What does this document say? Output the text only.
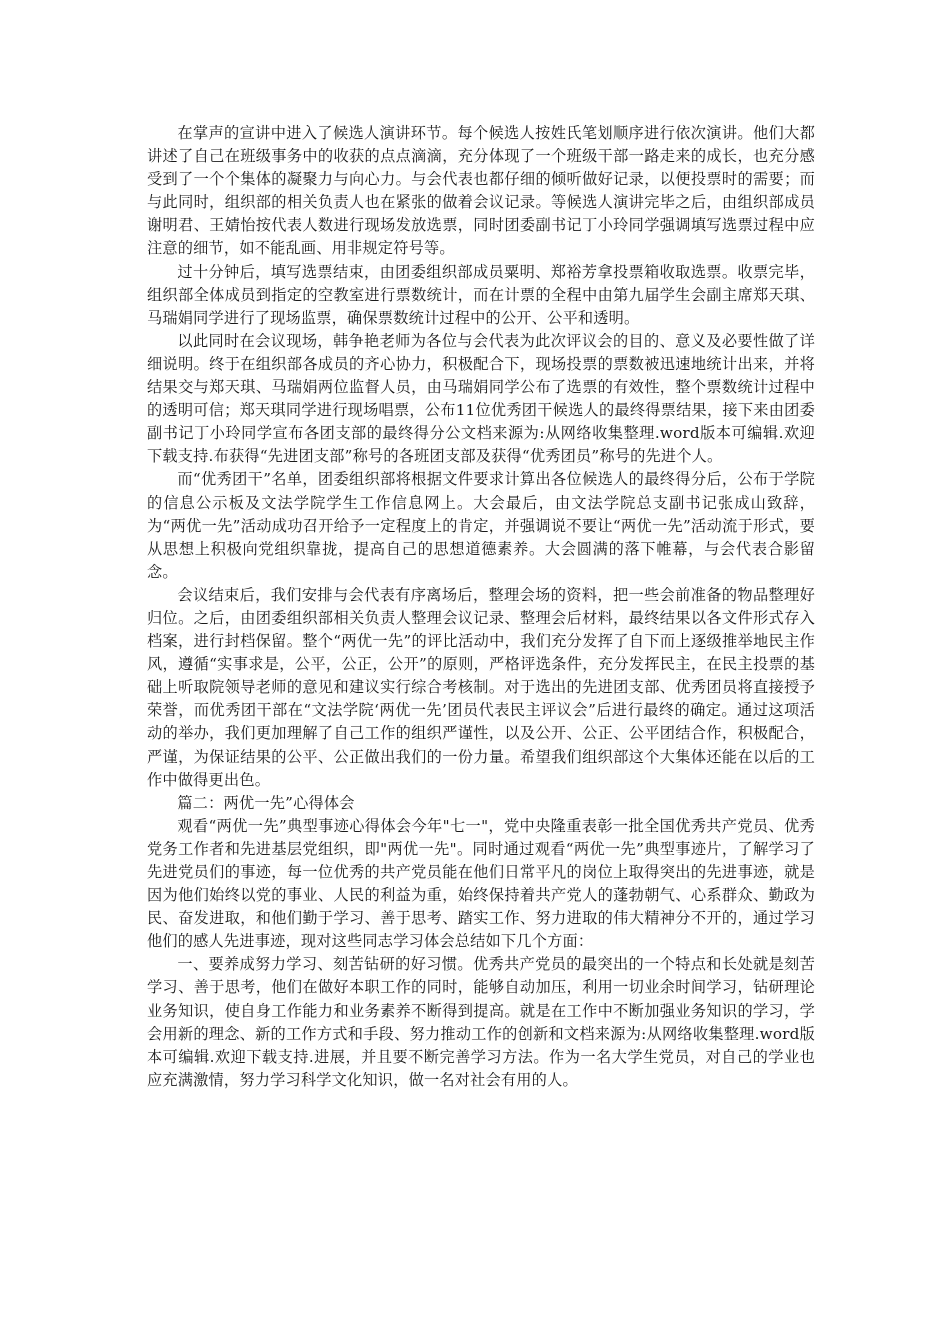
在掌声的宣讲中进入了候选人演讲环节。每个候选人按姓氏笔划顺序进行依次演讲。他们大都讲述了自己在班级事务中的收获的点点滴滴，充分体现了一个班级干部一路走来的成长，也充分感受到了一个个集体的凝聚力与向心力。与会代表也都仔细的倾听做好记录，以便投票时的需要；而与此同时，组织部的相关负责人也在紧张的做着会议记录。等候选人演讲完毕之后，由组织部成员谢明君、王婧怡按代表人数进行现场发放选票，同时团委副书记丁小玲同学强调填写选票过程中应注意的细节，如不能乱画、用非规定符号等。

过十分钟后，填写选票结束，由团委组织部成员粟明、郑裕芳拿投票箱收取选票。收票完毕，组织部全体成员到指定的空教室进行票数统计，而在计票的全程中由第九届学生会副主席郑天琪、马瑞娟同学进行了现场监票，确保票数统计过程中的公开、公平和透明。

以此同时在会议现场，韩争艳老师为各位与会代表为此次评议会的目的、意义及必要性做了详细说明。终于在组织部各成员的齐心协力，积极配合下，现场投票的票数被迅速地统计出来，并将结果交与郑天琪、马瑞娟两位监督人员，由马瑞娟同学公布了选票的有效性，整个票数统计过程中的透明可信；郑天琪同学进行现场唱票，公布11位优秀团干候选人的最终得票结果，接下来由团委副书记丁小玲同学宣布各团支部的最终得分公文档来源为:从网络收集整理.word版本可编辑.欢迎下载支持.布获得“先进团支部”称号的各班团支部及获得“优秀团员”称号的先进个人。

而“优秀团干”名单，团委组织部将根据文件要求计算出各位候选人的最终得分后，公布于学院的信息公示板及文法学院学生工作信息网上。大会最后，由文法学院总支副书记张成山致辞，为“两优一先”活动成功召开给予一定程度上的肯定，并强调说不要让“两优一先”活动流于形式，要从思想上积极向党组织靠拢，提高自己的思想道德素养。大会圆满的落下帷幕，与会代表合影留念。

会议结束后，我们安排与会代表有序离场后，整理会场的资料，把一些会前准备的物品整理好归位。之后，由团委组织部相关负责人整理会议记录、整理会后材料，最终结果以各文件形式存入档案，进行封档保留。整个“两优一先”的评比活动中，我们充分发挥了自下而上逐级推举地民主作风，遵循“实事求是，公平，公正，公开”的原则，严格评选条件，充分发挥民主，在民主投票的基础上听取院领导老师的意见和建议实行综合考核制。对于选出的先进团支部、优秀团员将直接授予荣誉，而优秀团干部在“文法学院‘两优一先’团员代表民主评议会”后进行最终的确定。通过这项活动的举办，我们更加理解了自己工作的组织严谨性，以及公开、公正、公平团结合作，积极配合，严谨，为保证结果的公平、公正做出我们的一份力量。希望我们组织部这个大集体还能在以后的工作中做得更出色。

篇二：两优一先”心得体会

观看“两优一先”典型事迹心得体会今年"七一"，党中央隆重表彰一批全国优秀共产党员、优秀党务工作者和先进基层党组织，即"两优一先"。同时通过观看“两优一先”典型事迹片，了解学习了先进党员们的事迹，每一位优秀的共产党员能在他们日常平凡的岗位上取得突出的先进事迹，就是因为他们始终以党的事业、人民的利益为重，始终保持着共产党人的蓬勃朝气、心系群众、勤政为民、奋发进取，和他们勤于学习、善于思考、踏实工作、努力进取的伟大精神分不开的，通过学习他们的感人先进事迹，现对这些同志学习体会总结如下几个方面：

一、要养成努力学习、刻苦钻研的好习惯。优秀共产党员的最突出的一个特点和长处就是刻苦学习、善于思考，他们在做好本职工作的同时，能够自动加压，利用一切业余时间学习，钻研理论业务知识，使自身工作能力和业务素养不断得到提高。就是在工作中不断加强业务知识的学习，学会用新的理念、新的工作方式和手段、努力推动工作的创新和文档来源为:从网络收集整理.word版本可编辑.欢迎下载支持.进展，并且要不断完善学习方法。作为一名大学生党员，对自己的学业也应充满激情，努力学习科学文化知识，做一名对社会有用的人。
